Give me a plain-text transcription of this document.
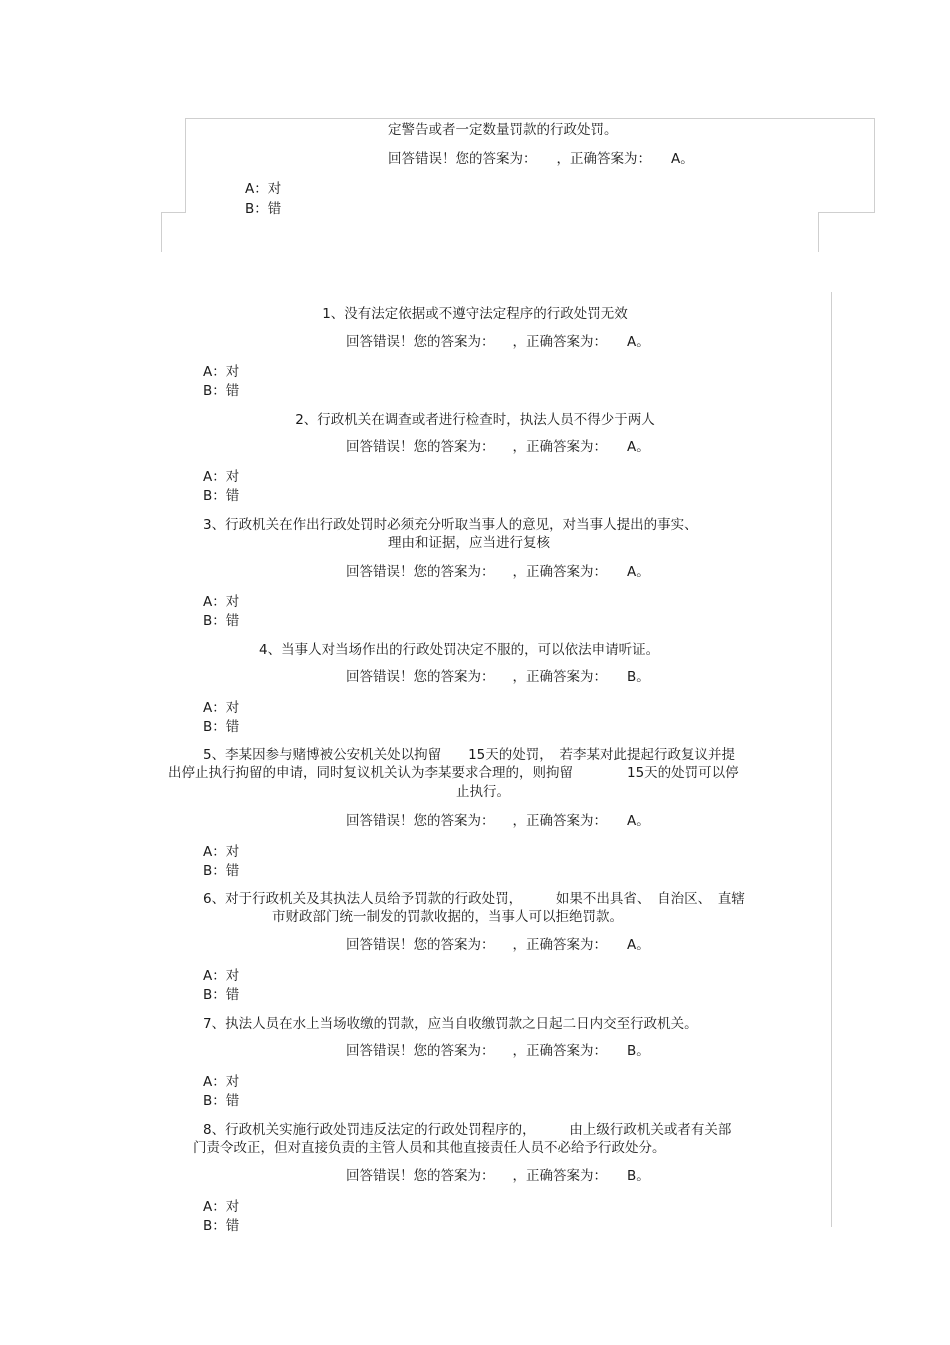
定警告或者一定数量罚款的行政处罚。
回答错误！您的答案为： ，正确答案为： A。
A：对
B：错
1、没有法定依据或不遵守法定程序的行政处罚无效
回答错误！您的答案为： ，正确答案为： A。
A：对
B：错
2、行政机关在调查或者进行检查时，执法人员不得少于两人
回答错误！您的答案为： ，正确答案为： A。
A：对
B：错
3、行政机关在作出行政处罚时必须充分听取当事人的意见，对当事人提出的事实、
理由和证据，应当进行复核
回答错误！您的答案为： ，正确答案为： A。
A：对
B：错
4、当事人对当场作出的行政处罚决定不服的，可以依法申请听证。
回答错误！您的答案为： ，正确答案为： B。
A：对
B：错
5、李某因参与赌博被公安机关处以拘留　　15天的处罚，　若李某对此提起行政复议并提
出停止执行拘留的申请，同时复议机关认为李某要求合理的，则拘留　　　　15天的处罚可以停
止执行。
回答错误！您的答案为： ，正确答案为： A。
A：对
B：错
6、对于行政机关及其执法人员给予罚款的行政处罚，　　　如果不出具省、　自治区、　直辖
市财政部门统一制发的罚款收据的，当事人可以拒绝罚款。
回答错误！您的答案为： ，正确答案为： A。
A：对
B：错
7、执法人员在水上当场收缴的罚款，应当自收缴罚款之日起二日内交至行政机关。
回答错误！您的答案为： ，正确答案为： B。
A：对
B：错
8、行政机关实施行政处罚违反法定的行政处罚程序的，　　　由上级行政机关或者有关部
门责令改正，但对直接负责的主管人员和其他直接责任人员不必给予行政处分。
回答错误！您的答案为： ，正确答案为： B。
A：对
B：错
